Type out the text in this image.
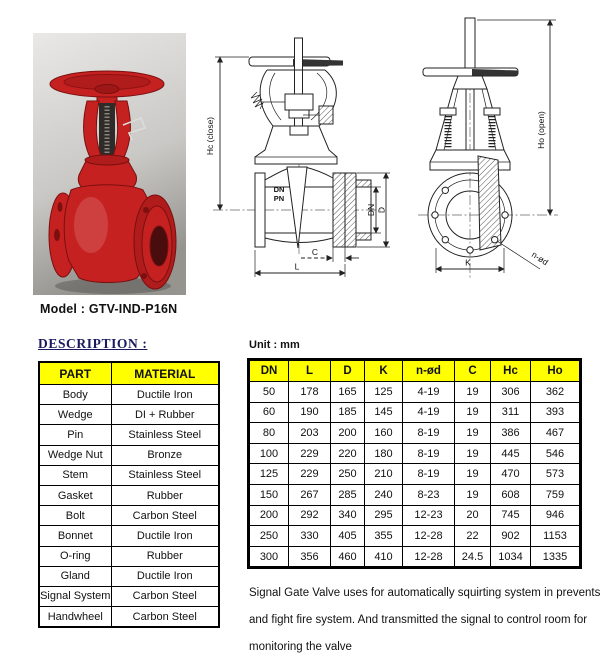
DN
PN
Hc (close)
DN D
C
L
Ho (open)
K	n-ød
Model : GTV-IND-P16N
DESCRIPTION :	Unit : mm
PART	MATERIAL
Body	Ductile Iron
Wedge	DI + Rubber
Pin	Stainless Steel
Wedge Nut	Bronze
Stem	Stainless Steel
Gasket	Rubber
Bolt	Carbon Steel
Bonnet	Ductile Iron
O-ring	Rubber
Gland	Ductile Iron
Signal System	Carbon Steel
Handwheel	Carbon Steel
DN	L	D	K	n-ød	C	Hc	Ho
50	178	165	125	4-19	19	306	362
60	190	185	145	4-19	19	311	393
80	203	200	160	8-19	19	386	467
100	229	220	180	8-19	19	445	546
125	229	250	210	8-19	19	470	573
150	267	285	240	8-23	19	608	759
200	292	340	295	12-23	20	745	946
250	330	405	355	12-28	22	902	1153
300	356	460	410	12-28	24.5	1034	1335
Signal Gate Valve uses for automatically squirting system in prevents
and fight fire system. And transmitted the signal to control room for
monitoring the valve
